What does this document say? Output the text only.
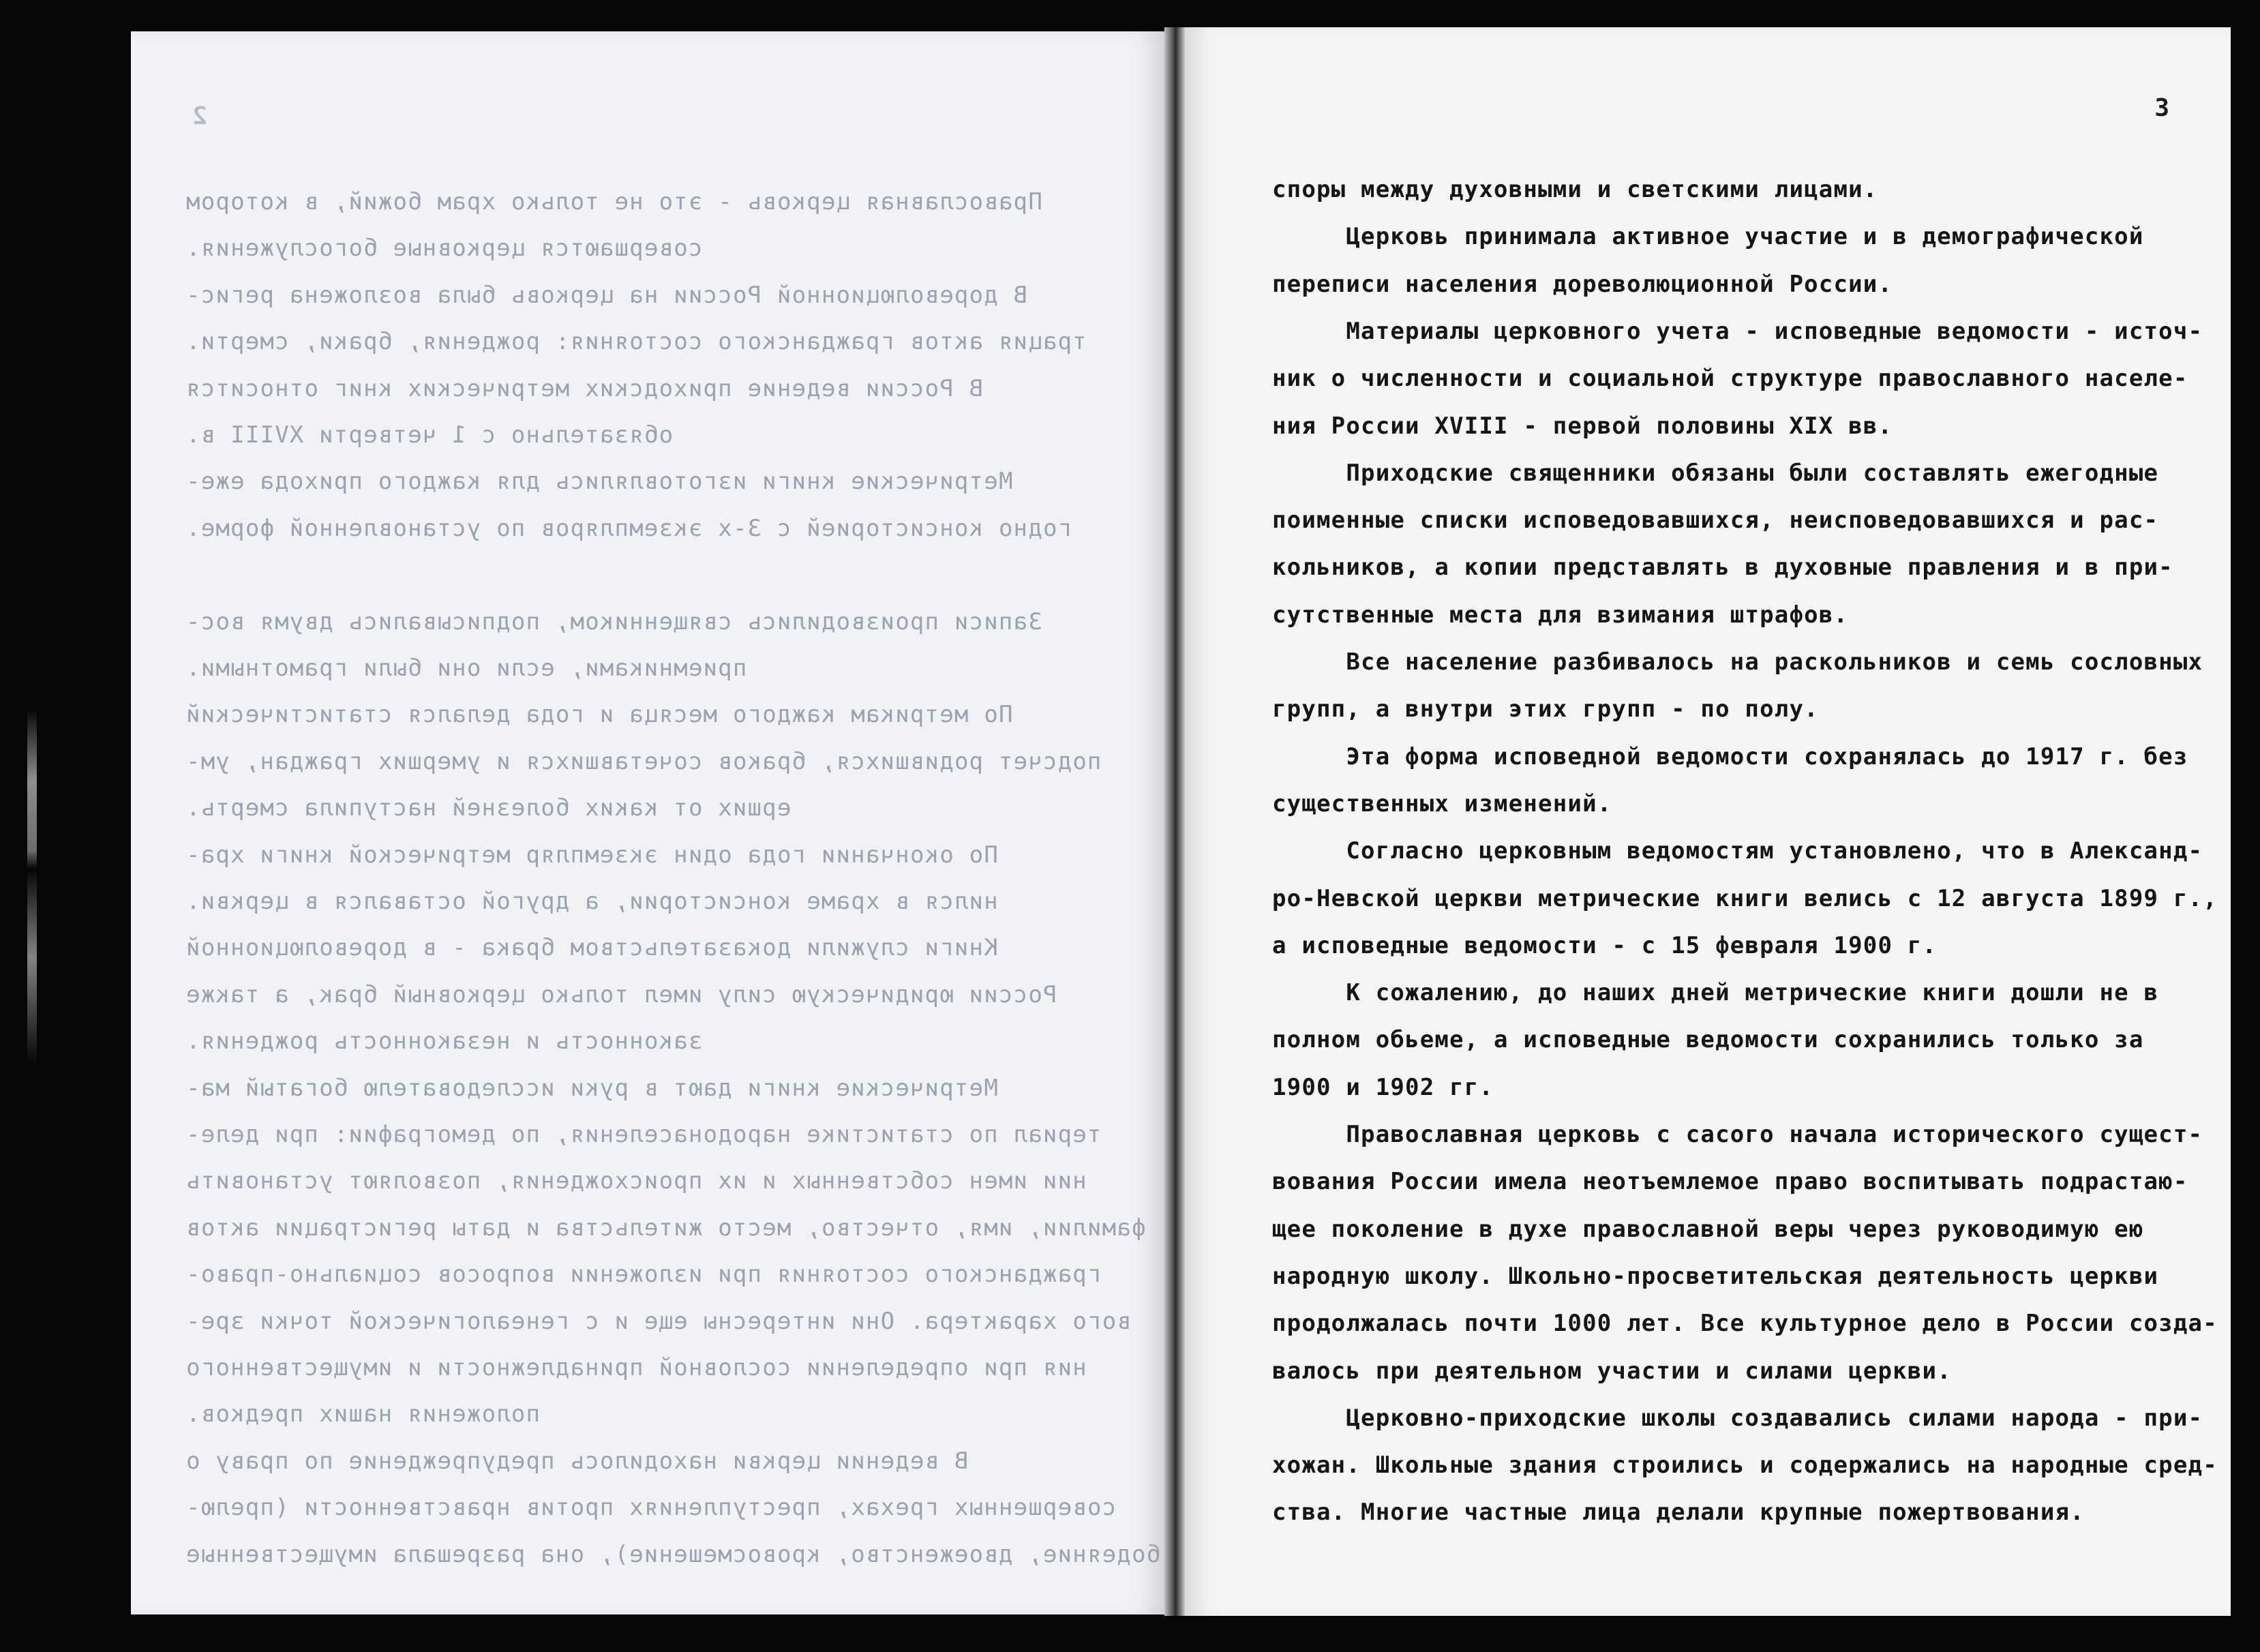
2
Православная церковь - это не только храм божий, в котором
совершаются церковные богослужения.
В дореволюционной России на церковь была возложена регис-
трация актов гражданского состояния: рождения, браки, смерти.
В России ведение приходских метрических книг относится
обязательно с 1 четверти XVIII в.
Метрические книги изготовлялись для каждого прихода еже-
годно консисторией с 3-х экземпляров по установленной форме.
Записи производились священником, подписывались двумя вос-
приемниками, если они были грамотными.
По метрикам каждого месяца и года делался статистический
подсчет родившихся, браков сочетавшихся и умерших граждан, ум-
ерших от каких болезней наступила смерть.
По окончании года один экземпляр метрической книги хра-
нился в храме консистории, а другой оставался в церкви.
Книги служили доказательством брака - в дореволюционной
России юридическую силу имел только церковный брак, а также
законность и незаконность рождения.
Метрические книги дают в руки исследователю богатый ма-
териал по статистике народонаселения, по демографии: при деле-
нии имен собственных и их происхождения, позволяют установить
фамилии, имя, отчество, место жительства и даты регистрации актов
гражданского состояния при изложении вопросов социально-право-
вого характера. Они интересны еще и с генеалогической точки зре-
ния при определении сословной принадлежности и имущественного
положения наших предков.
В ведении церкви находилось предупреждение по праву о
совершенных грехах, преступлениях против нравственности (прелю-
бодеяние, двоеженство, кровосмешение), она разрешала имущественные
3
споры между духовными и светскими лицами.
Церковь принимала активное участие и в демографической
переписи населения дореволюционной России.
Материалы церковного учета - исповедные ведомости - источ-
ник о численности и социальной структуре православного населе-
ния России XVIII - первой половины XIX вв.
Приходские священники обязаны были составлять ежегодные
поименные списки исповедовавшихся, неисповедовавшихся и рас-
кольников, а копии представлять в духовные правления и в при-
сутственные места для взимания штрафов.
Все население разбивалось на раскольников и семь сословных
групп, а внутри этих групп - по полу.
Эта форма исповедной ведомости сохранялась до 1917 г. без
существенных изменений.
Согласно церковным ведомостям установлено, что в Александ-
ро-Невской церкви метрические книги велись с 12 августа 1899 г.,
а исповедные ведомости - с 15 февраля 1900 г.
К сожалению, до наших дней метрические книги дошли не в
полном обьеме, а исповедные ведомости сохранились только за
1900 и 1902 гг.
Православная церковь с сасого начала исторического сущест-
вования России имела неотъемлемое право воспитывать подрастаю-
щее поколение в духе православной веры через руководимую ею
народную школу. Школьно-просветительская деятельность церкви
продолжалась почти 1000 лет. Все культурное дело в России созда-
валось при деятельном участии и силами церкви.
Церковно-приходские школы создавались силами народа - при-
хожан. Школьные здания строились и содержались на народные сред-
ства. Многие частные лица делали крупные пожертвования.
